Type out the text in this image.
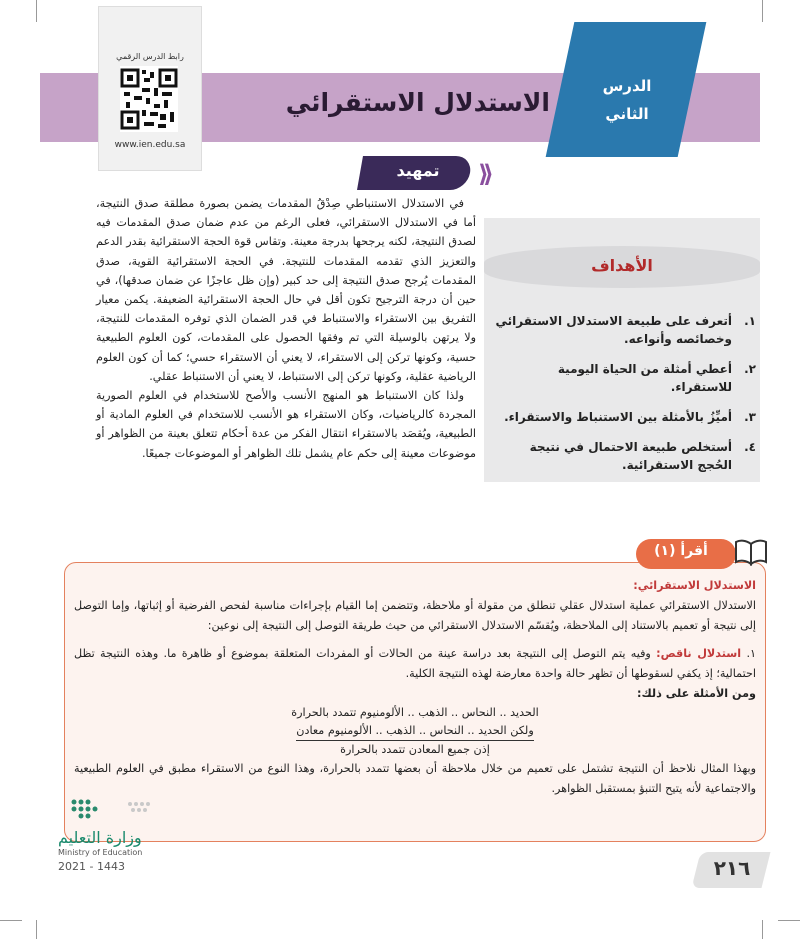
الاستدلال الاستقرائي
الدرس
الثاني
رابط الدرس الرقمي
www.ien.edu.sa
تمهيد	⟩⟩

في الاستدلال الاستنباطي صِدْقُ المقدمات يضمن بصورة مطلقة صدق النتيجة، أما في الاستدلال الاستقرائي، فعلى الرغم من عدم ضمان صدق المقدمات فيه لصدق النتيجة، لكنه يرجحها بدرجة معينة. وتقاس قوة الحجة الاستقرائية بقدر الدعم والتعزيز الذي تقدمه المقدمات للنتيجة. في الحجة الاستقرائية القوية، صدق المقدمات يُرجح صدق النتيجة إلى حد كبير (وإن ظل عاجزًا عن ضمان صدقها)، في حين أن درجة الترجيح تكون أقل في حال الحجة الاستقرائية الضعيفة. يكمن معيار التفريق بين الاستقراء والاستنباط في قدر الضمان الذي توفره المقدمات للنتيجة، ولا يرتهن بالوسيلة التي تم وفقها الحصول على المقدمات، كون العلوم الطبيعية حسية، وكونها تركن إلى الاستقراء، لا يعني أن الاستقراء حسي؛ كما أن كون العلوم الرياضية عقلية، وكونها تركن إلى الاستنباط، لا يعني أن الاستنباط عقلي.

ولذا كان الاستنباط هو المنهج الأنسب والأصح للاستخدام في العلوم الصورية المجردة كالرياضيات، وكان الاستقراء هو الأنسب للاستخدام في العلوم المادية أو الطبيعية، ويُقصَد بالاستقراء انتقال الفكر من عدة أحكام تتعلق بعينة من الظواهر أو موضوعات معينة إلى حكم عام يشمل تلك الظواهر أو الموضوعات جميعًا.

الأهداف
١.
أتعرف على طبيعة الاستدلال الاستقرائي وخصائصه وأنواعه.
٢.
أعطي أمثلة من الحياة اليومية للاستقراء.
٣.
أميِّزُ بالأمثلة بين الاستنباط والاستقراء.
٤.
أستخلص طبيعة الاحتمال في نتيجة الحُجج الاستقرائية.
أقرأ (١)
الاستدلال الاستقرائي:
الاستدلال الاستقرائي عملية استدلال عقلي تنطلق من مقولة أو ملاحظة، وتتضمن إما القيام بإجراءات مناسبة لفحص الفرضية أو إثباتها، وإما التوصل إلى نتيجة أو تعميم بالاستناد إلى الملاحظة، ويُقسّم الاستدلال الاستقرائي من حيث طريقة التوصل إلى النتيجة إلى نوعين:
١. استدلال ناقص: وفيه يتم التوصل إلى النتيجة بعد دراسة عينة من الحالات أو المفردات المتعلقة بموضوع أو ظاهرة ما. وهذه النتيجة تظل احتمالية؛ إذ يكفي لسقوطها أن تظهر حالة واحدة معارضة لهذه النتيجة الكلية.
ومن الأمثلة على ذلك:
الحديد .. النحاس .. الذهب .. الألومنيوم تتمدد بالحرارة
ولكن الحديد .. النحاس .. الذهب .. الألومنيوم معادن
إذن جميع المعادن تتمدد بالحرارة
وبهذا المثال نلاحظ أن النتيجة تشتمل على تعميم من خلال ملاحظة أن بعضها تتمدد بالحرارة، وهذا النوع من الاستقراء مطبق في العلوم الطبيعية والاجتماعية لأنه يتيح التنبؤ بمستقبل الظواهر.
٢١٦
وزارة التعليم
Ministry of Education
2021 - 1443
